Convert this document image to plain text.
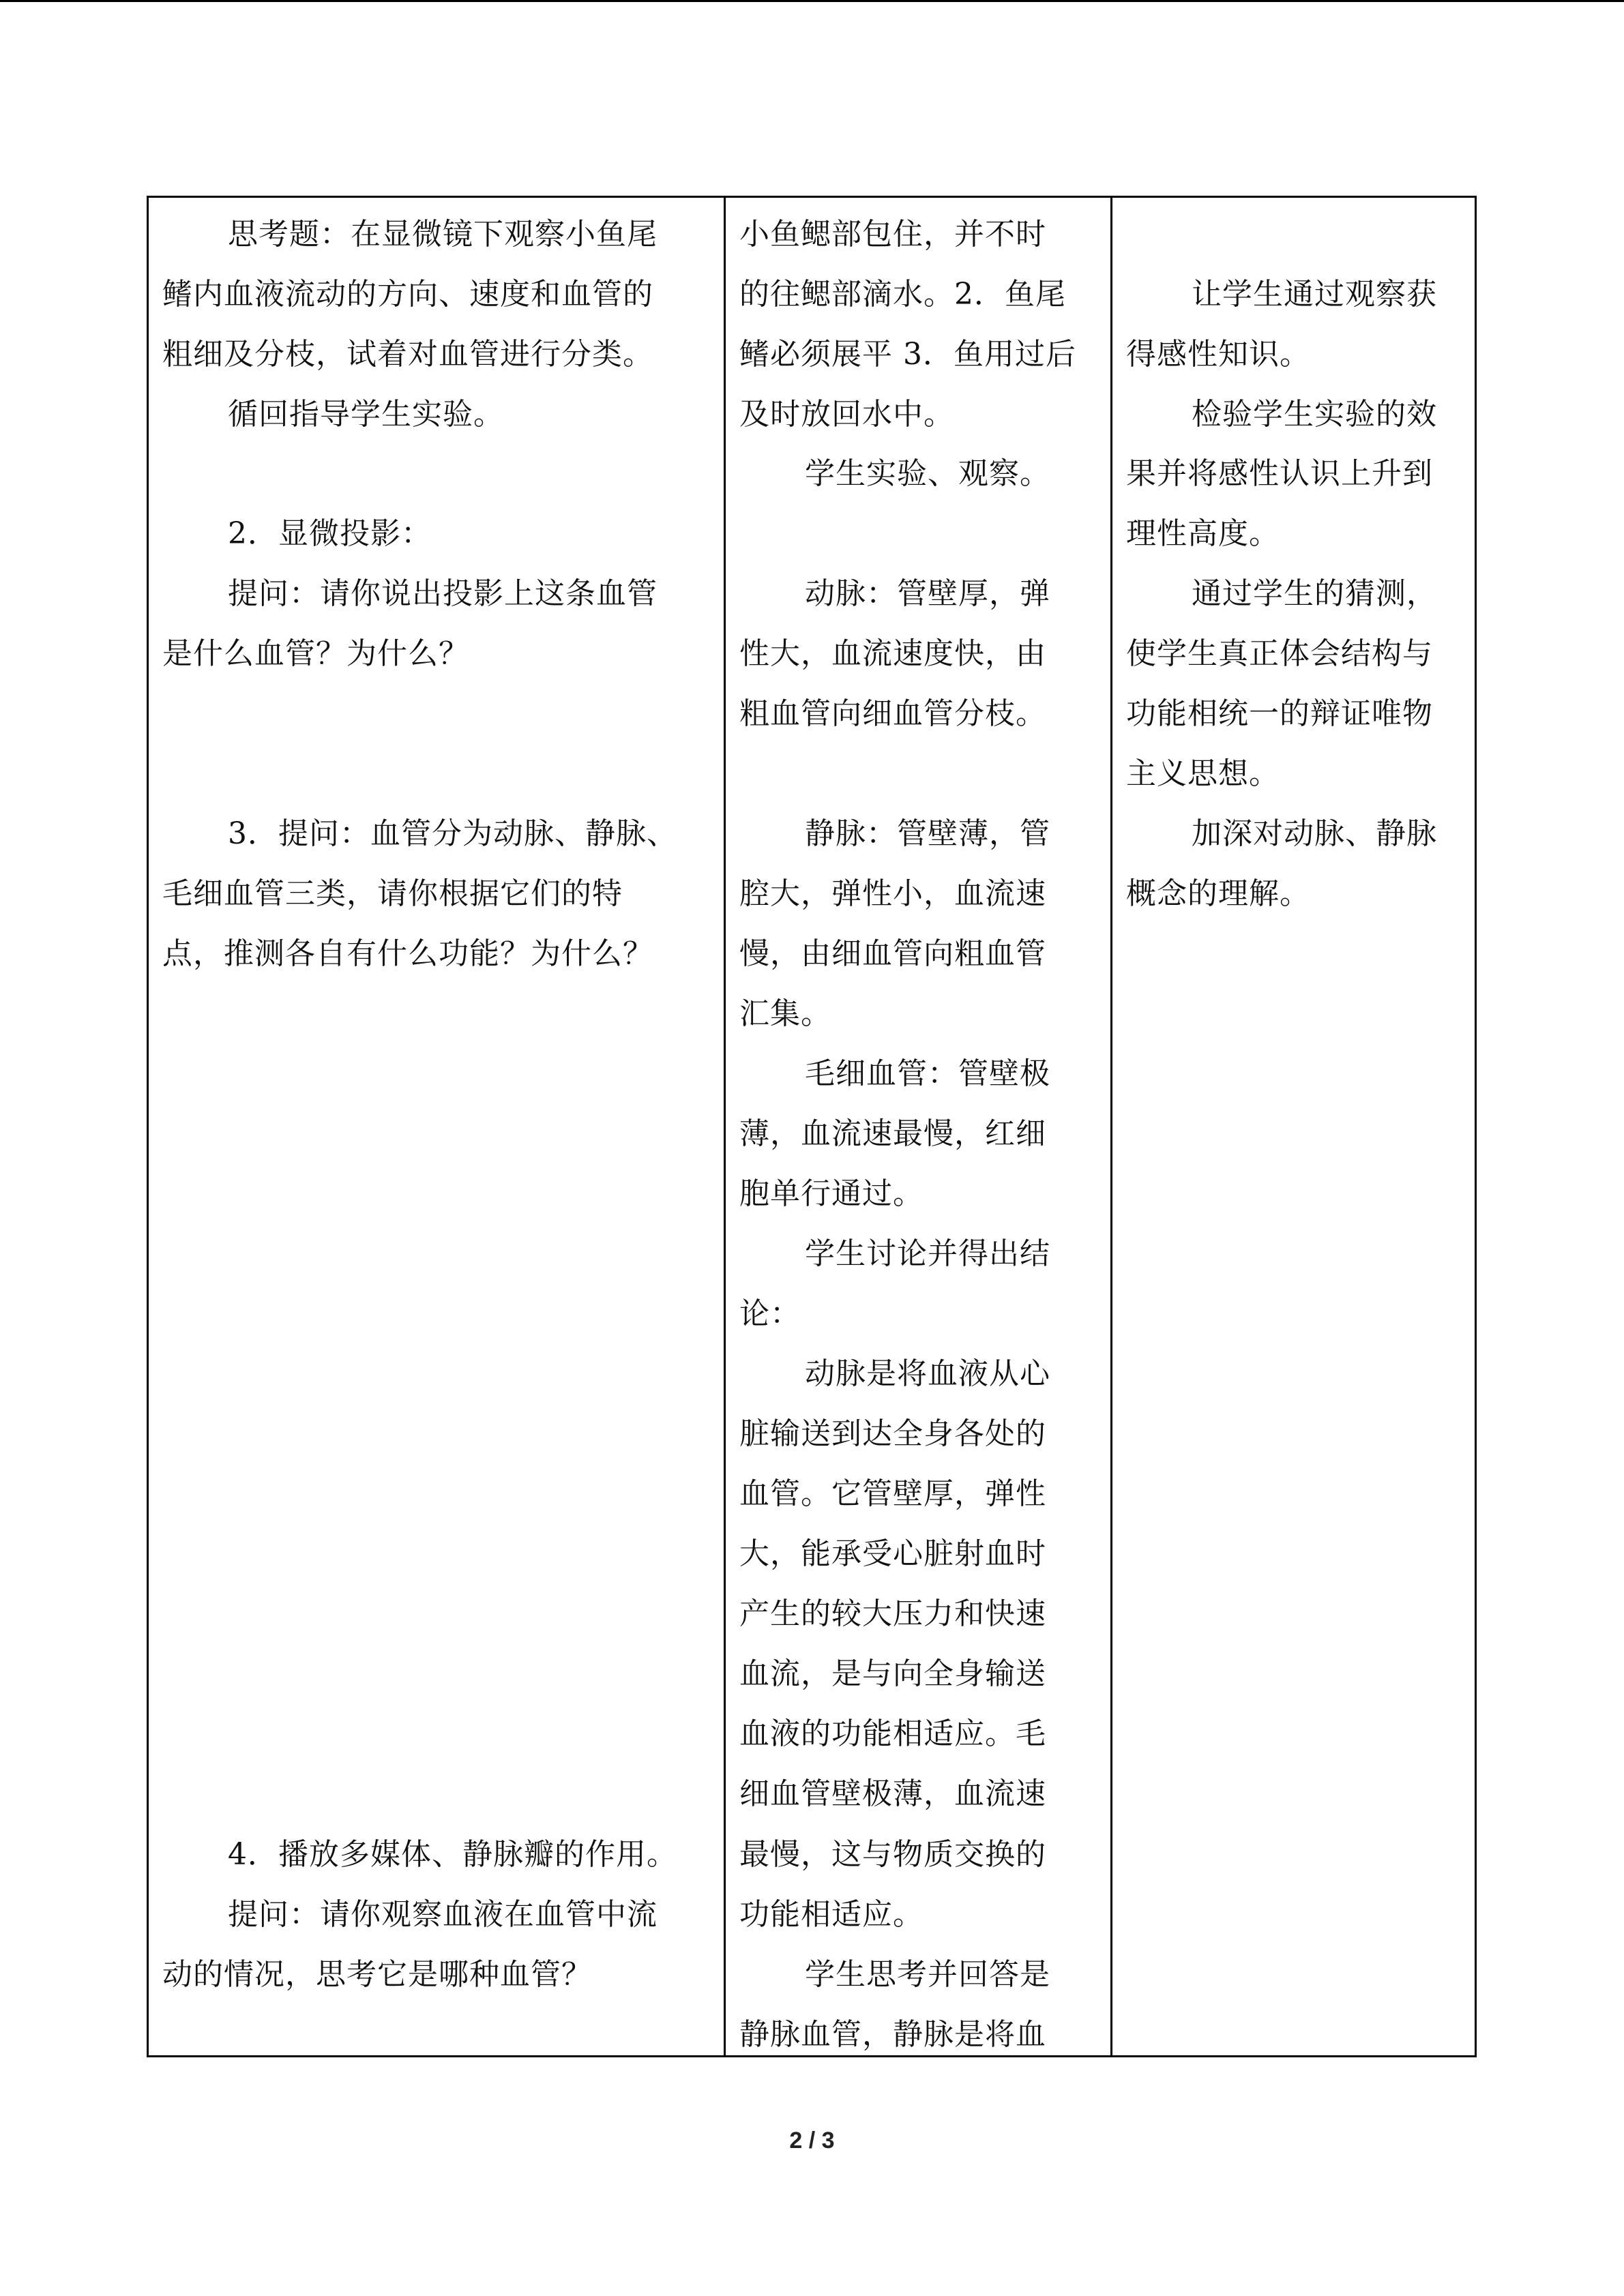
思考题：在显微镜下观察小鱼尾
鳍内血液流动的方向、速度和血管的
粗细及分枝，试着对血管进行分类。
循回指导学生实验。
2．显微投影：
提问：请你说出投影上这条血管
是什么血管？为什么？
3．提问：血管分为动脉、静脉、
毛细血管三类，请你根据它们的特
点，推测各自有什么功能？为什么？
4．播放多媒体、静脉瓣的作用。
提问：请你观察血液在血管中流
动的情况，思考它是哪种血管？
小鱼鳃部包住，并不时
的往鳃部滴水。2．鱼尾
鳍必须展平 3．鱼用过后
及时放回水中。
学生实验、观察。
动脉：管壁厚，弹
性大，血流速度快，由
粗血管向细血管分枝。
静脉：管壁薄，管
腔大，弹性小，血流速
慢，由细血管向粗血管
汇集。
毛细血管：管壁极
薄，血流速最慢，红细
胞单行通过。
学生讨论并得出结
论：
动脉是将血液从心
脏输送到达全身各处的
血管。它管壁厚，弹性
大，能承受心脏射血时
产生的较大压力和快速
血流，是与向全身输送
血液的功能相适应。毛
细血管壁极薄，血流速
最慢，这与物质交换的
功能相适应。
学生思考并回答是
静脉血管，静脉是将血
让学生通过观察获
得感性知识。
检验学生实验的效
果并将感性认识上升到
理性高度。
通过学生的猜测，
使学生真正体会结构与
功能相统一的辩证唯物
主义思想。
加深对动脉、静脉
概念的理解。
2 / 3
